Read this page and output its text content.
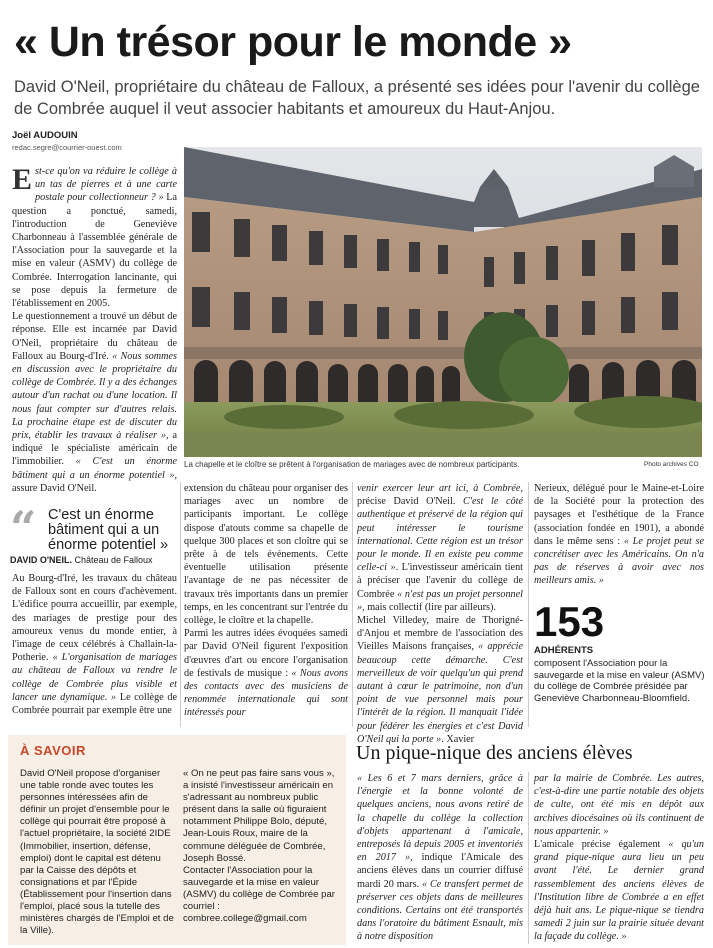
« Un trésor pour le monde »
David O'Neil, propriétaire du château de Falloux, a présenté ses idées pour l'avenir du collège de Combrée auquel il veut associer habitants et amoureux du Haut-Anjou.
Joël AUDOUIN
redac.segre@courrier-ouest.com

Est-ce qu'on va réduire le collège à un tas de pierres et à une carte postale pour collectionneur ? » La question a ponctué, samedi, l'introduction de Geneviève Charbonneau à l'assemblée générale de l'Association pour la sauvegarde et la mise en valeur (ASMV) du collège de Combrée. Interrogation lancinante, qui se pose depuis la fermeture de l'établissement en 2005.

Le questionnement a trouvé un début de réponse. Elle est incarnée par David O'Neil, propriétaire du château de Falloux au Bourg-d'Iré. « Nous sommes en discussion avec le propriétaire du collège de Combrée. Il y a des échanges autour d'un rachat ou d'une location. Il nous faut compter sur d'autres relais. La prochaine étape est de discuter du prix, établir les travaux à réaliser », a indiqué le spécialiste américain de l'immobilier. « C'est un énorme bâtiment qui a un énorme potentiel », assure David O'Neil.

La chapelle et le cloître se prêtent à l'organisation de mariages avec de nombreux participants.	Photo archives CO
“ C'est un énorme bâtiment qui a un énorme potentiel »
DAVID O'NEIL. Château de Falloux

Au Bourg-d'Iré, les travaux du château de Falloux sont en cours d'achèvement. L'édifice pourra accueillir, par exemple, des mariages de prestige pour des amoureux venus du monde entier, à l'image de ceux célébrés à Challain-la-Potherie. « L'organisation de mariages au château de Falloux va rendre le collège de Combrée plus visible et lancer une dynamique. » Le collège de Combrée pourrait par exemple être une

extension du château pour organiser des mariages avec un nombre de participants important. Le collège dispose d'atouts comme sa chapelle de quelque 300 places et son cloître qui se prête à de tels événements. Cette éventuelle utilisation présente l'avantage de ne pas nécessiter de travaux très importants dans un premier temps, en les concentrant sur l'entrée du collège, le cloître et la chapelle.

Parmi les autres idées évoquées samedi par David O'Neil figurent l'exposition d'œuvres d'art ou encore l'organisation de festivals de musique : « Nous avons des contacts avec des musiciens de renommée internationale qui sont intéressés pour

venir exercer leur art ici, à Combrée, précise David O'Neil. C'est le côté authentique et préservé de la région qui peut intéresser le tourisme international. Cette région est un trésor pour le monde. Il en existe peu comme celle-ci ». L'investisseur américain tient à préciser que l'avenir du collège de Combrée « n'est pas un projet personnel », mais collectif (lire par ailleurs).

Michel Villedey, maire de Thorigné-d'Anjou et membre de l'association des Vieilles Maisons françaises, « apprécie beaucoup cette démarche. C'est merveilleux de voir quelqu'un qui prend autant à cœur le patrimoine, non d'un point de vue personnel mais pour l'intérêt de la région. Il manquait l'idée pour fédérer les énergies et c'est David O'Neil qui la porte ». Xavier

Nerieux, délégué pour le Maine-et-Loire de la Société pour la protection des paysages et l'esthétique de la France (association fondée en 1901), a abondé dans le même sens : « Le projet peut se concrétiser avec les Américains. On n'a pas de réserves à avoir avec nos meilleurs amis. »

153
ADHÉRENTS
composent l'Association pour la sauvegarde et la mise en valeur (ASMV) du collège de Combrée présidée par Geneviève Charbonneau-Bloomfield.
À SAVOIR
David O'Neil propose d'organiser une table ronde avec toutes les personnes intéressées afin de définir un projet d'ensemble pour le collège qui pourrait être proposé à l'actuel propriétaire, la société 2IDE (Immobilier, insertion, défense, emploi) dont le capital est détenu par la Caisse des dépôts et consignations et par l'Épide (Établissement pour l'insertion dans l'emploi, placé sous la tutelle des ministères chargés de l'Emploi et de la Ville).
« On ne peut pas faire sans vous », a insisté l'investisseur américain en s'adressant au nombreux public présent dans la salle où figuraient notamment Philippe Bolo, député, Jean-Louis Roux, maire de la commune déléguée de Combrée, Joseph Bossé.
Contacter l'Association pour la sauvegarde et la mise en valeur (ASMV) du collège de Combrée par courriel : combree.college@gmail.com
Un pique-nique des anciens élèves

« Les 6 et 7 mars derniers, grâce à l'énergie et la bonne volonté de quelques anciens, nous avons retiré de la chapelle du collège la collection d'objets appartenant à l'amicale, entreposés là depuis 2005 et inventoriés en 2017 », indique l'Amicale des anciens élèves dans un courrier diffusé mardi 20 mars. « Ce transfert permet de préserver ces objets dans de meilleures conditions. Certains ont été transportés dans l'oratoire du bâtiment Esnault, mis à notre disposition

par la mairie de Combrée. Les autres, c'est-à-dire une partie notable des objets de culte, ont été mis en dépôt aux archives diocésaines où ils continuent de nous appartenir. »

L'amicale précise également « qu'un grand pique-nique aura lieu un peu avant l'été. Le dernier grand rassemblement des anciens élèves de l'Institution libre de Combrée a en effet déjà huit ans. Le pique-nique se tiendra samedi 2 juin sur la prairie située devant la façade du collège. »
